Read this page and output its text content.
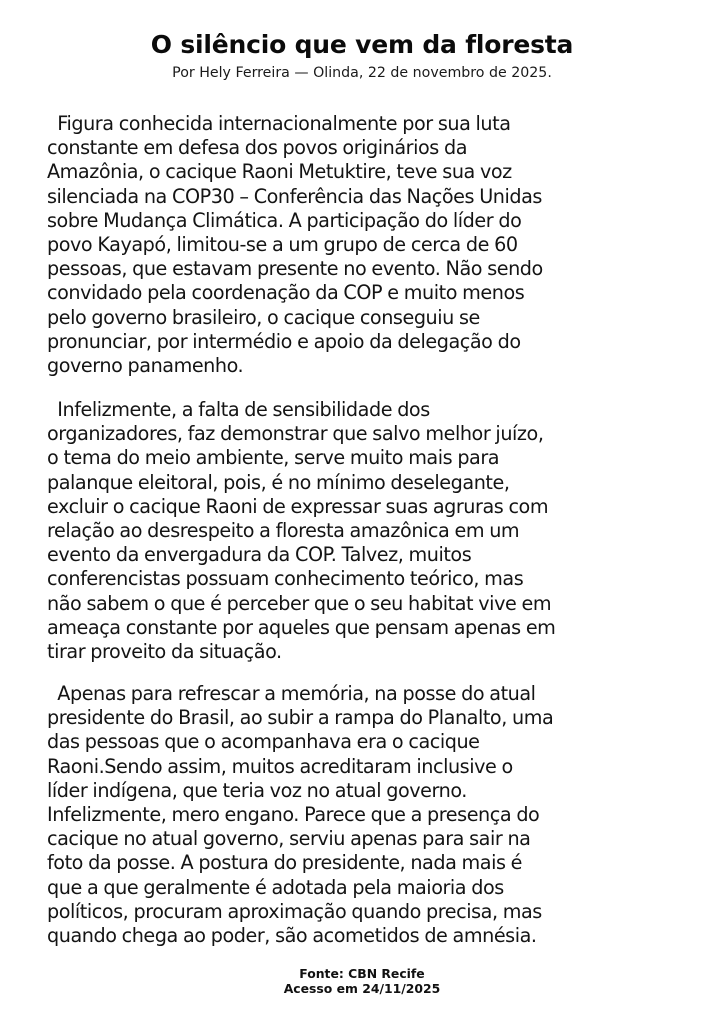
O silêncio que vem da floresta
Por Hely Ferreira — Olinda, 22 de novembro de 2025.

Figura conhecida internacionalmente por sua luta
constante em defesa dos povos originários da
Amazônia, o cacique Raoni Metuktire, teve sua voz
silenciada na COP30 – Conferência das Nações Unidas
sobre Mudança Climática. A participação do líder do
povo Kayapó, limitou-se a um grupo de cerca de 60
pessoas, que estavam presente no evento. Não sendo
convidado pela coordenação da COP e muito menos
pelo governo brasileiro, o cacique conseguiu se
pronunciar, por intermédio e apoio da delegação do
governo panamenho.

Infelizmente, a falta de sensibilidade dos
organizadores, faz demonstrar que salvo melhor juízo,
o tema do meio ambiente, serve muito mais para
palanque eleitoral, pois, é no mínimo deselegante,
excluir o cacique Raoni de expressar suas agruras com
relação ao desrespeito a floresta amazônica em um
evento da envergadura da COP. Talvez, muitos
conferencistas possuam conhecimento teórico, mas
não sabem o que é perceber que o seu habitat vive em
ameaça constante por aqueles que pensam apenas em
tirar proveito da situação.

Apenas para refrescar a memória, na posse do atual
presidente do Brasil, ao subir a rampa do Planalto, uma
das pessoas que o acompanhava era o cacique
Raoni.Sendo assim, muitos acreditaram inclusive o
líder indígena, que teria voz no atual governo.
Infelizmente, mero engano. Parece que a presença do
cacique no atual governo, serviu apenas para sair na
foto da posse. A postura do presidente, nada mais é
que a que geralmente é adotada pela maioria dos
políticos, procuram aproximação quando precisa, mas
quando chega ao poder, são acometidos de amnésia.

Fonte: CBN Recife
Acesso em 24/11/2025
